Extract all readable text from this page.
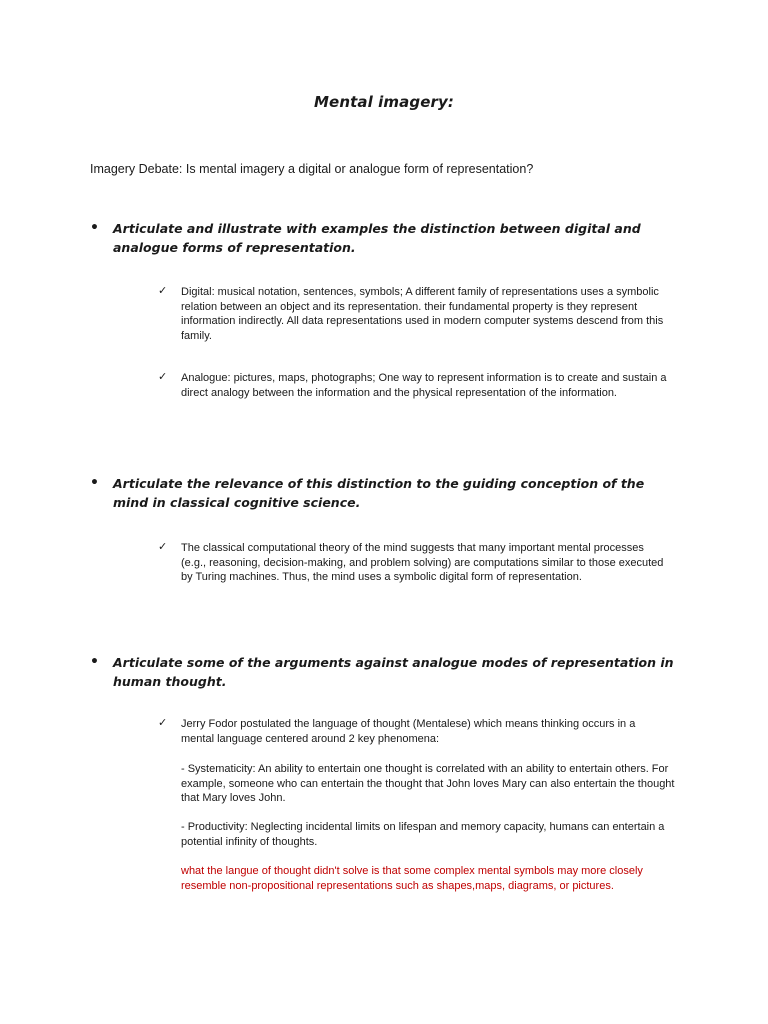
Mental imagery:
Imagery Debate: Is mental imagery a digital or analogue form of representation?
• Articulate and illustrate with examples the distinction between digital and analogue forms of representation.
✓ Digital: musical notation, sentences, symbols; A different family of representations uses a symbolic relation between an object and its representation. their fundamental property is they represent information indirectly. All data representations used in modern computer systems descend from this family.
✓ Analogue: pictures, maps, photographs; One way to represent information is to create and sustain a direct analogy between the information and the physical representation of the information.
• Articulate the relevance of this distinction to the guiding conception of the mind in classical cognitive science.
✓ The classical computational theory of the mind suggests that many important mental processes (e.g., reasoning, decision-making, and problem solving) are computations similar to those executed by Turing machines. Thus, the mind uses a symbolic digital form of representation.
• Articulate some of the arguments against analogue modes of representation in human thought.
✓ Jerry Fodor postulated the language of thought (Mentalese) which means thinking occurs in a mental language centered around 2 key phenomena:
- Systematicity: An ability to entertain one thought is correlated with an ability to entertain others. For example, someone who can entertain the thought that John loves Mary can also entertain the thought that Mary loves John.
- Productivity: Neglecting incidental limits on lifespan and memory capacity, humans can entertain a potential infinity of thoughts.
what the langue of thought didn't solve is that some complex mental symbols may more closely resemble non-propositional representations such as shapes,maps, diagrams, or pictures.
